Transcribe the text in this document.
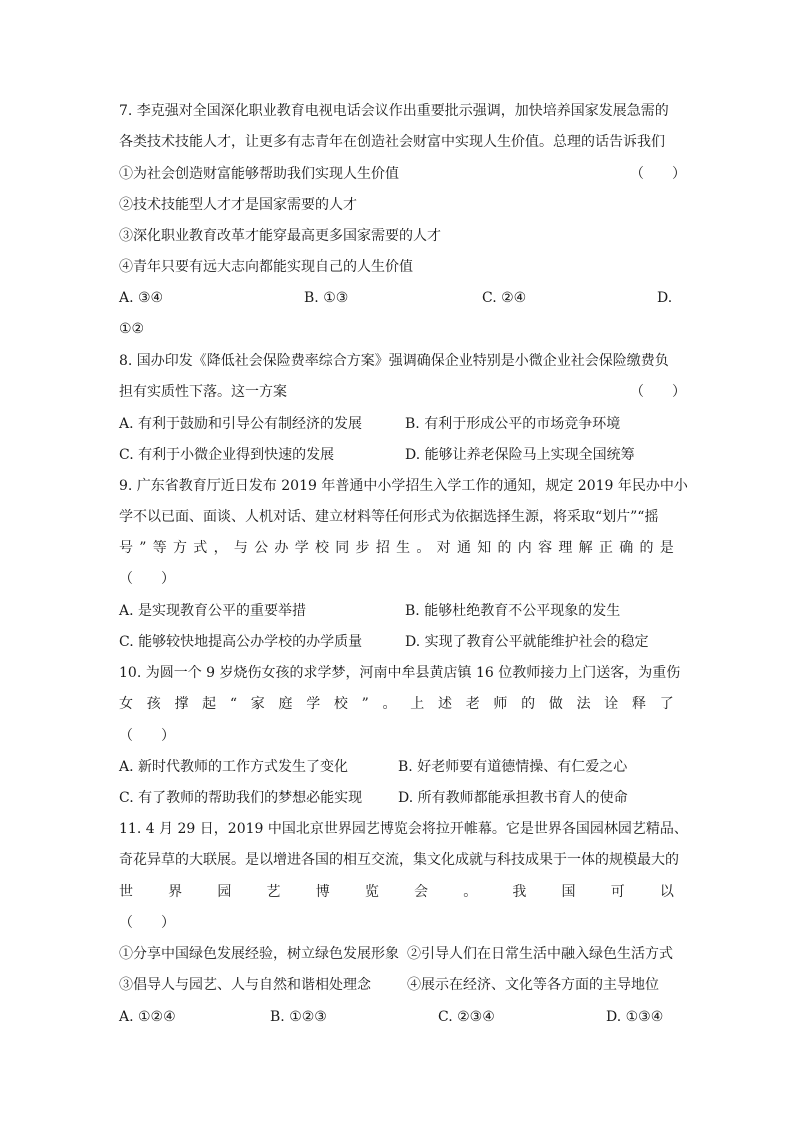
7. 李克强对全国深化职业教育电视电话会议作出重要批示强调，加快培养国家发展急需的
各类技术技能人才，让更多有志青年在创造社会财富中实现人生价值。总理的话告诉我们
①为社会创造财富能够帮助我们实现人生价值	（　　）
②技术技能型人才才是国家需要的人才
③深化职业教育改革才能穿最高更多国家需要的人才
④青年只要有远大志向都能实现自己的人生价值
A. ③④	B. ①③	C. ②④	D.
①②
8. 国办印发《降低社会保险费率综合方案》强调确保企业特别是小微企业社会保险缴费负
担有实质性下落。这一方案	（　　）
A. 有利于鼓励和引导公有制经济的发展	B. 有利于形成公平的市场竞争环境
C. 有利于小微企业得到快速的发展	D. 能够让养老保险马上实现全国统筹
9. 广东省教育厅近日发布 2019 年普通中小学招生入学工作的通知，规定 2019 年民办中小
学不以已面、面谈、人机对话、建立材料等任何形式为依据选择生源，将采取“划片”“摇
号 ” 等 方 式 ， 与 公 办 学 校 同 步 招 生 。 对 通 知 的 内 容 理 解 正 确 的 是
（　　）
A. 是实现教育公平的重要举措	B. 能够杜绝教育不公平现象的发生
C. 能够较快地提高公办学校的办学质量	D. 实现了教育公平就能维护社会的稳定
10. 为圆一个 9 岁烧伤女孩的求学梦，河南中牟县黄店镇 16 位教师接力上门送客，为重伤
女 孩 撑 起 “ 家 庭 学 校 ” 。 上 述 老 师 的 做 法 诠 释 了
（　　）
A. 新时代教师的工作方式发生了变化	B. 好老师要有道德情操、有仁爱之心
C. 有了教师的帮助我们的梦想必能实现	D. 所有教师都能承担教书育人的使命
11. 4 月 29 日，2019 中国北京世界园艺博览会将拉开帷幕。它是世界各国园林园艺精品、
奇花异草的大联展。是以增进各国的相互交流，集文化成就与科技成果于一体的规模最大的
世	界	园	艺	博	览	会	。	我	国	可	以
（　　）
①分享中国绿色发展经验，树立绿色发展形象 ②引导人们在日常生活中融入绿色生活方式
③倡导人与园艺、人与自然和谐相处理念	④展示在经济、文化等各方面的主导地位
A. ①②④	B. ①②③	C. ②③④	D. ①③④
